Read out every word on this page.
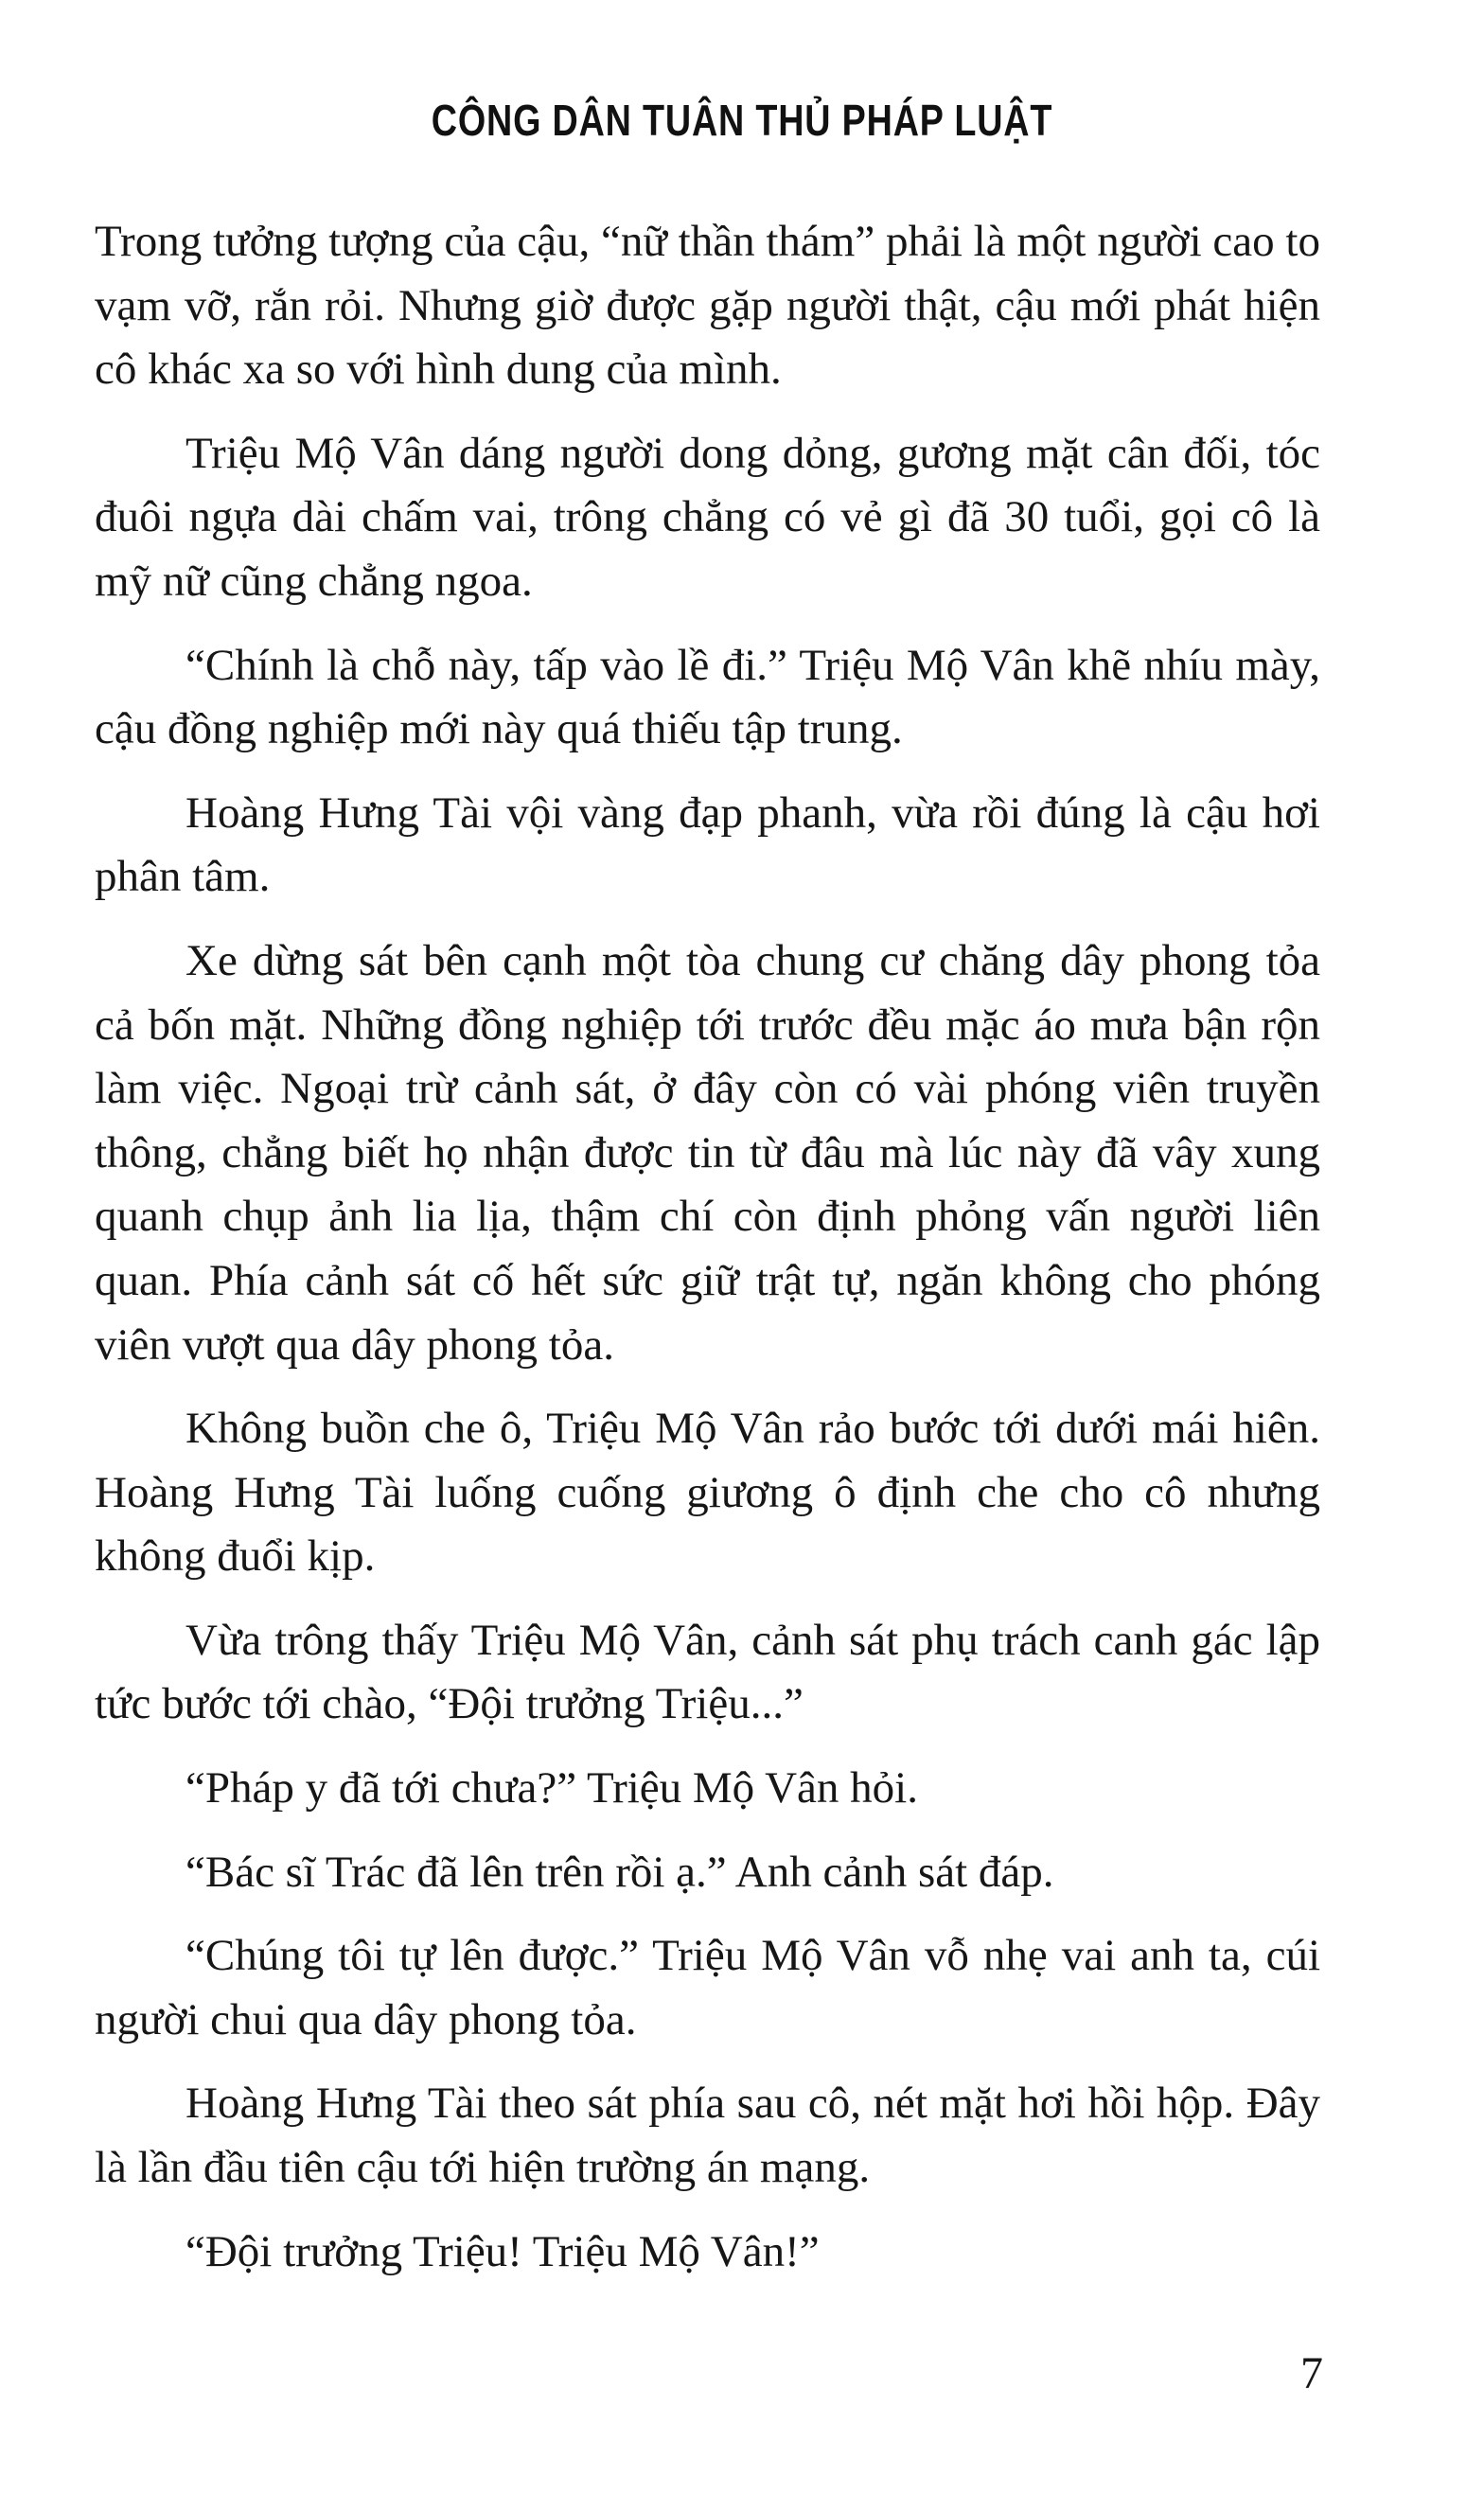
CÔNG DÂN TUÂN THỦ PHÁP LUẬT

Trong tưởng tượng của cậu, “nữ thần thám” phải là một người cao to vạm vỡ, rắn rỏi. Nhưng giờ được gặp người thật, cậu mới phát hiện cô khác xa so với hình dung của mình.

Triệu Mộ Vân dáng người dong dỏng, gương mặt cân đối, tóc đuôi ngựa dài chấm vai, trông chẳng có vẻ gì đã 30 tuổi, gọi cô là mỹ nữ cũng chẳng ngoa.

“Chính là chỗ này, tấp vào lề đi.” Triệu Mộ Vân khẽ nhíu mày, cậu đồng nghiệp mới này quá thiếu tập trung.

Hoàng Hưng Tài vội vàng đạp phanh, vừa rồi đúng là cậu hơi phân tâm.

Xe dừng sát bên cạnh một tòa chung cư chăng dây phong tỏa cả bốn mặt. Những đồng nghiệp tới trước đều mặc áo mưa bận rộn làm việc. Ngoại trừ cảnh sát, ở đây còn có vài phóng viên truyền thông, chẳng biết họ nhận được tin từ đâu mà lúc này đã vây xung quanh chụp ảnh lia lịa, thậm chí còn định phỏng vấn người liên quan. Phía cảnh sát cố hết sức giữ trật tự, ngăn không cho phóng viên vượt qua dây phong tỏa.

Không buồn che ô, Triệu Mộ Vân rảo bước tới dưới mái hiên. Hoàng Hưng Tài luống cuống giương ô định che cho cô nhưng không đuổi kịp.

Vừa trông thấy Triệu Mộ Vân, cảnh sát phụ trách canh gác lập tức bước tới chào, “Đội trưởng Triệu...”

“Pháp y đã tới chưa?” Triệu Mộ Vân hỏi.

“Bác sĩ Trác đã lên trên rồi ạ.” Anh cảnh sát đáp.

“Chúng tôi tự lên được.” Triệu Mộ Vân vỗ nhẹ vai anh ta, cúi người chui qua dây phong tỏa.

Hoàng Hưng Tài theo sát phía sau cô, nét mặt hơi hồi hộp. Đây là lần đầu tiên cậu tới hiện trường án mạng.

“Đội trưởng Triệu! Triệu Mộ Vân!”

7
